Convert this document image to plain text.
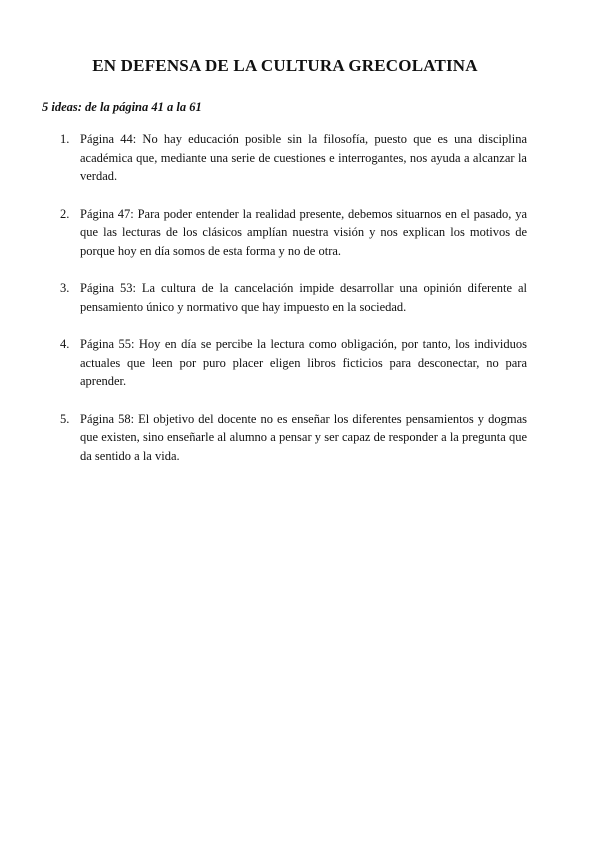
EN DEFENSA DE LA CULTURA GRECOLATINA

5 ideas: de la página 41 a la 61

1. Página 44: No hay educación posible sin la filosofía, puesto que es una disciplina académica que, mediante una serie de cuestiones e interrogantes, nos ayuda a alcanzar la verdad.
2. Página 47: Para poder entender la realidad presente, debemos situarnos en el pasado, ya que las lecturas de los clásicos amplían nuestra visión y nos explican los motivos de porque hoy en día somos de esta forma y no de otra.
3. Página 53: La cultura de la cancelación impide desarrollar una opinión diferente al pensamiento único y normativo que hay impuesto en la sociedad.
4. Página 55: Hoy en día se percibe la lectura como obligación, por tanto, los individuos actuales que leen por puro placer eligen libros ficticios para desconectar, no para aprender.
5. Página 58: El objetivo del docente no es enseñar los diferentes pensamientos y dogmas que existen, sino enseñarle al alumno a pensar y ser capaz de responder a la pregunta que da sentido a la vida.
